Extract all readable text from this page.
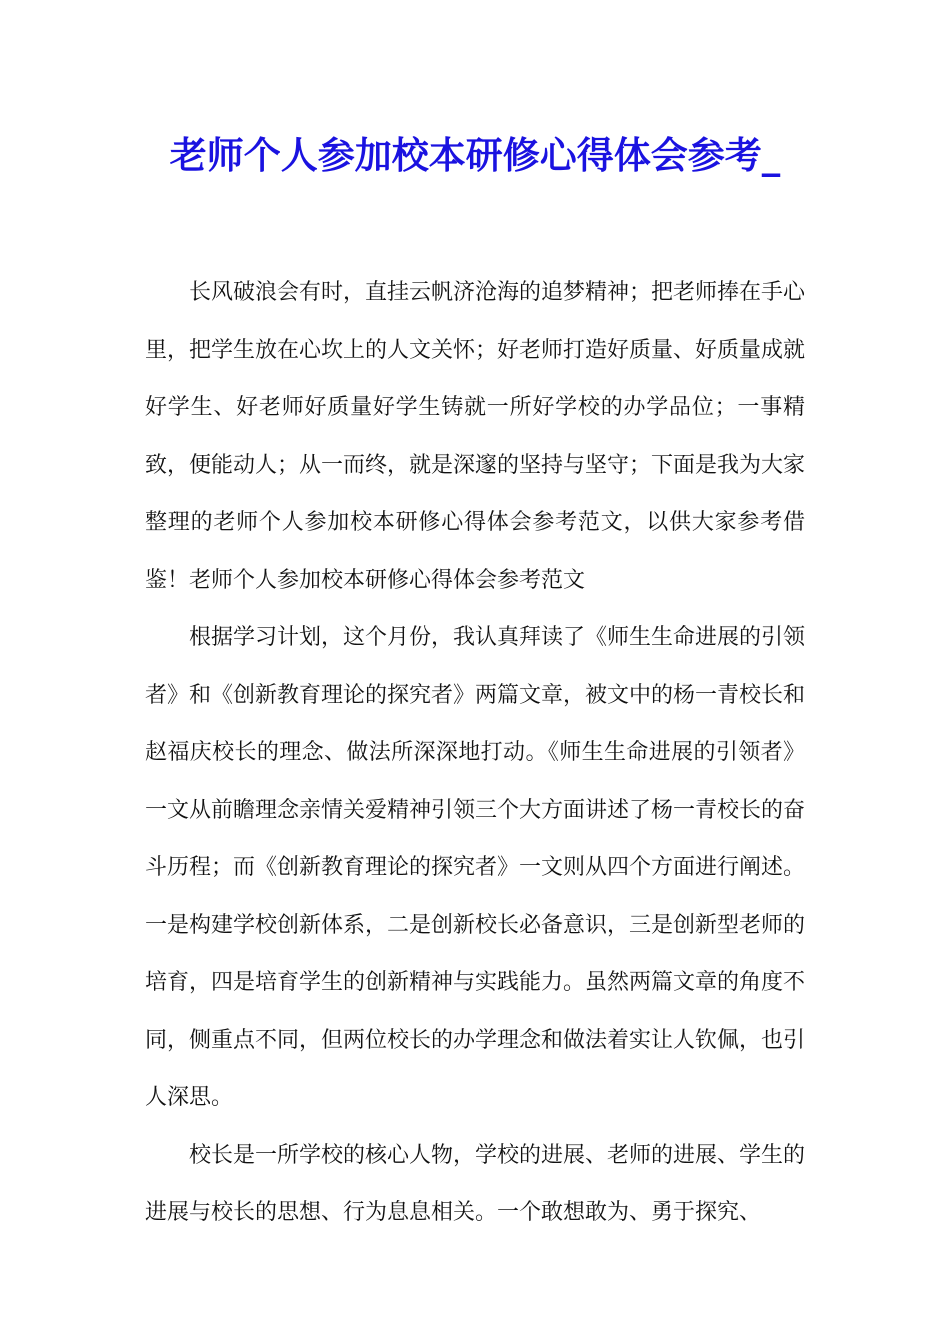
老师个人参加校本研修心得体会参考_

长风破浪会有时，直挂云帆济沧海的追梦精神；把老师捧在手心里，把学生放在心坎上的人文关怀；好老师打造好质量、好质量成就好学生、好老师好质量好学生铸就一所好学校的办学品位；一事精致，便能动人；从一而终，就是深邃的坚持与坚守；下面是我为大家整理的老师个人参加校本研修心得体会参考范文，以供大家参考借鉴！老师个人参加校本研修心得体会参考范文

根据学习计划，这个月份，我认真拜读了《师生生命进展的引领者》和《创新教育理论的探究者》两篇文章，被文中的杨一青校长和赵福庆校长的理念、做法所深深地打动。《师生生命进展的引领者》一文从前瞻理念亲情关爱精神引领三个大方面讲述了杨一青校长的奋斗历程；而《创新教育理论的探究者》一文则从四个方面进行阐述。一是构建学校创新体系，二是创新校长必备意识，三是创新型老师的培育，四是培育学生的创新精神与实践能力。虽然两篇文章的角度不同，侧重点不同，但两位校长的办学理念和做法着实让人钦佩，也引人深思。

校长是一所学校的核心人物，学校的进展、老师的进展、学生的进展与校长的思想、行为息息相关。一个敢想敢为、勇于探究、
